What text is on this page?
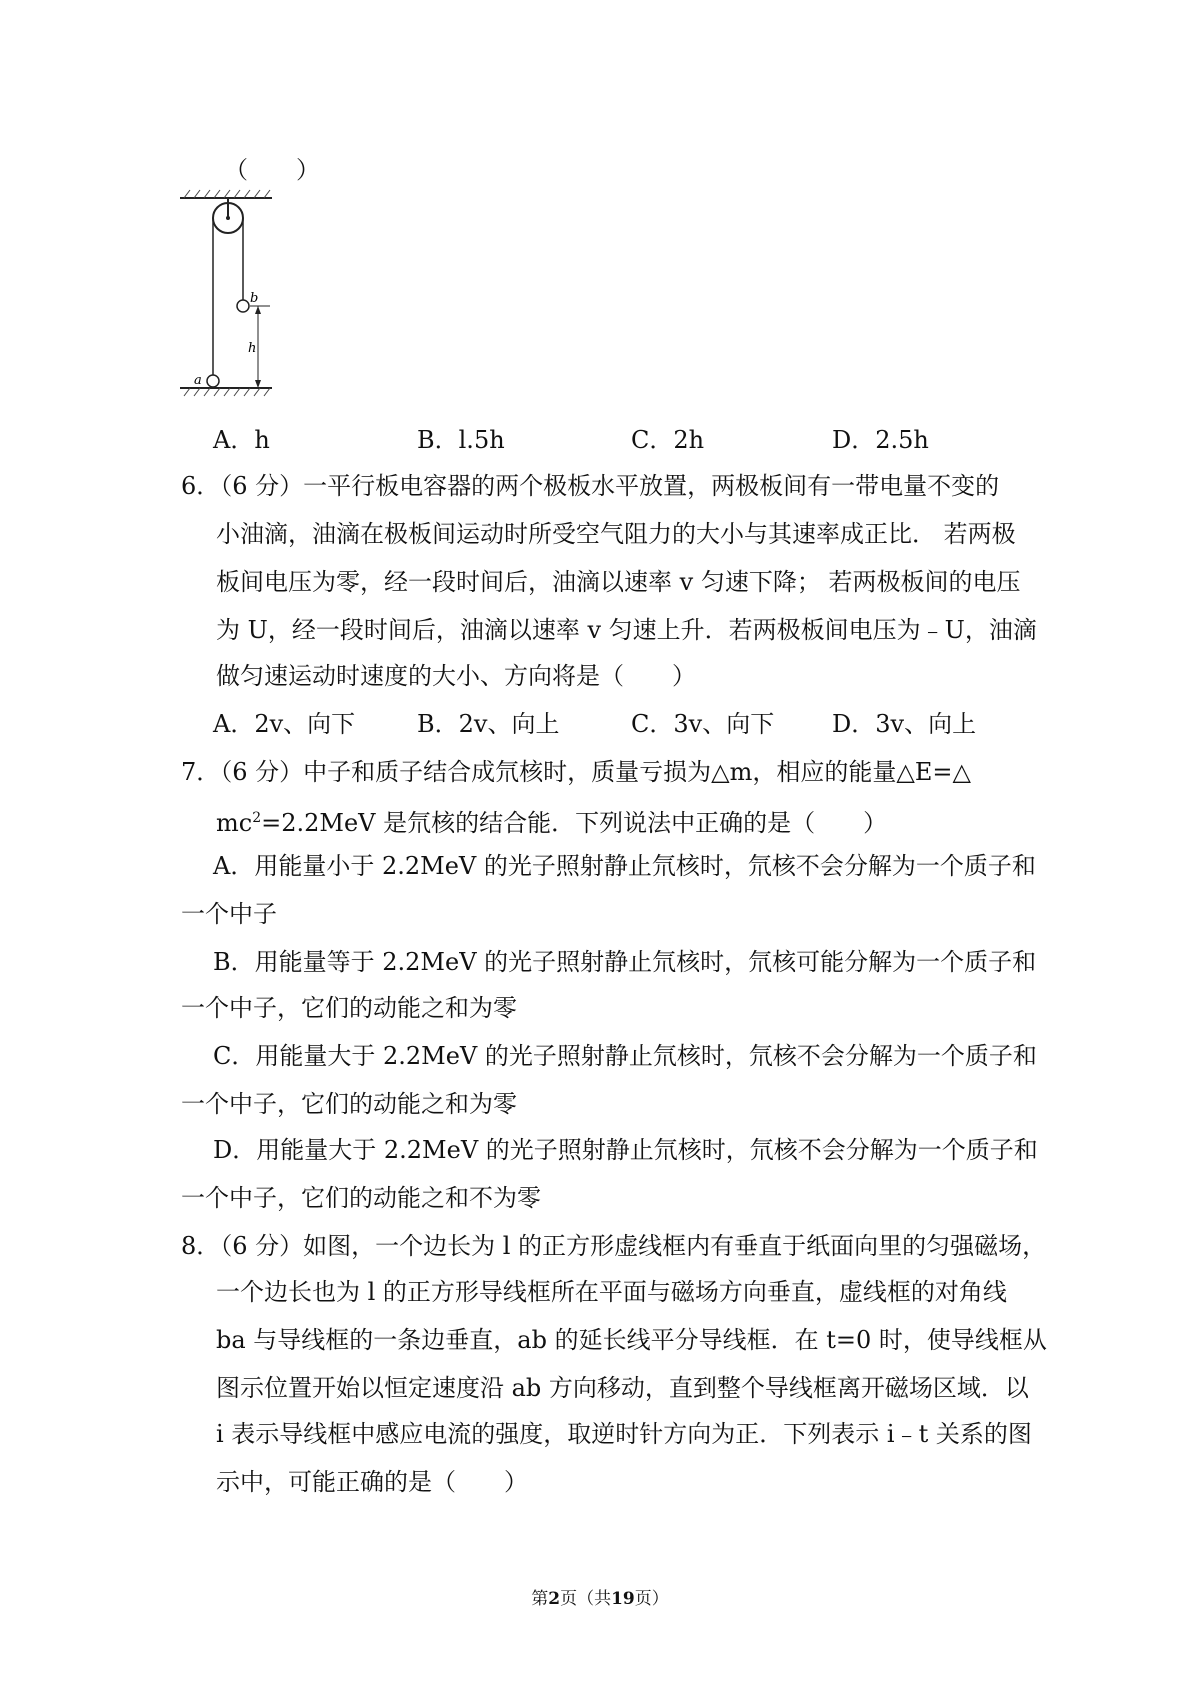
（　　）
b
h
a
A．h	B．l.5h	C．2h	D．2.5h
6．（6 分）一平行板电容器的两个极板水平放置，两极板间有一带电量不变的
小油滴，油滴在极板间运动时所受空气阻力的大小与其速率成正比． 若两极
板间电压为零，经一段时间后，油滴以速率 v 匀速下降； 若两极板间的电压
为 U，经一段时间后，油滴以速率 v 匀速上升．若两极板间电压为﹣U，油滴
做匀速运动时速度的大小、方向将是（　　）
A．2v、向下	B．2v、向上	C．3v、向下 D．3v、向上
7．（6 分）中子和质子结合成氘核时，质量亏损为△m，相应的能量△E=△
$mc^2=2.2MeV$ 是氘核的结合能．下列说法中正确的是（　　）
A．用能量小于 2.2MeV 的光子照射静止氘核时，氘核不会分解为一个质子和
一个中子
B．用能量等于 2.2MeV 的光子照射静止氘核时，氘核可能分解为一个质子和
一个中子，它们的动能之和为零
C．用能量大于 2.2MeV 的光子照射静止氘核时，氘核不会分解为一个质子和
一个中子，它们的动能之和为零
D．用能量大于 2.2MeV 的光子照射静止氘核时，氘核不会分解为一个质子和
一个中子，它们的动能之和不为零
8．（6 分）如图，一个边长为 l 的正方形虚线框内有垂直于纸面向里的匀强磁场，
一个边长也为 l 的正方形导线框所在平面与磁场方向垂直，虚线框的对角线
ba 与导线框的一条边垂直，ab 的延长线平分导线框．在 t=0 时，使导线框从
图示位置开始以恒定速度沿 ab 方向移动，直到整个导线框离开磁场区域．以
i 表示导线框中感应电流的强度，取逆时针方向为正．下列表示 i﹣t 关系的图
示中，可能正确的是（　　）
第2页（共19页）
